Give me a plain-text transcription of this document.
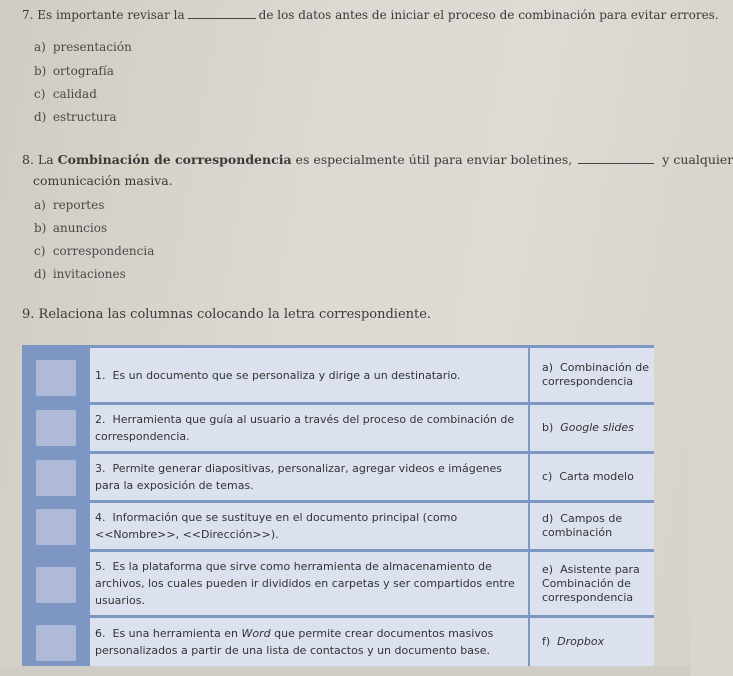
7. Es importante revisar la	de los datos antes de iniciar el proceso de combinación para evitar errores.
a) presentación
b) ortografía
c) calidad
d) estructura
8. La Combinación de correspondencia es especialmente útil para enviar boletines,	y cualquier
comunicación masiva.
a) reportes
b) anuncios
c) correspondencia
d) invitaciones
9. Relaciona las columnas colocando la letra correspondiente.
1. Es un documento que se personaliza y dirige a un destinatario.
a) Combinación de correspondencia
2. Herramienta que guía al usuario a través del proceso de combinación de correspondencia.
b) Google slides
3. Permite generar diapositivas, personalizar, agregar videos e imágenes para la exposición de temas.
c) Carta modelo
4. Información que se sustituye en el documento principal (como <<Nombre>>, <<Dirección>>).
d) Campos de combinación
5. Es la plataforma que sirve como herramienta de almacenamiento de archivos, los cuales pueden ir divididos en carpetas y ser compartidos entre usuarios.
e) Asistente para Combinación de correspondencia
6. Es una herramienta en Word que permite crear documentos masivos personalizados a partir de una lista de contactos y un documento base.
f) Dropbox
